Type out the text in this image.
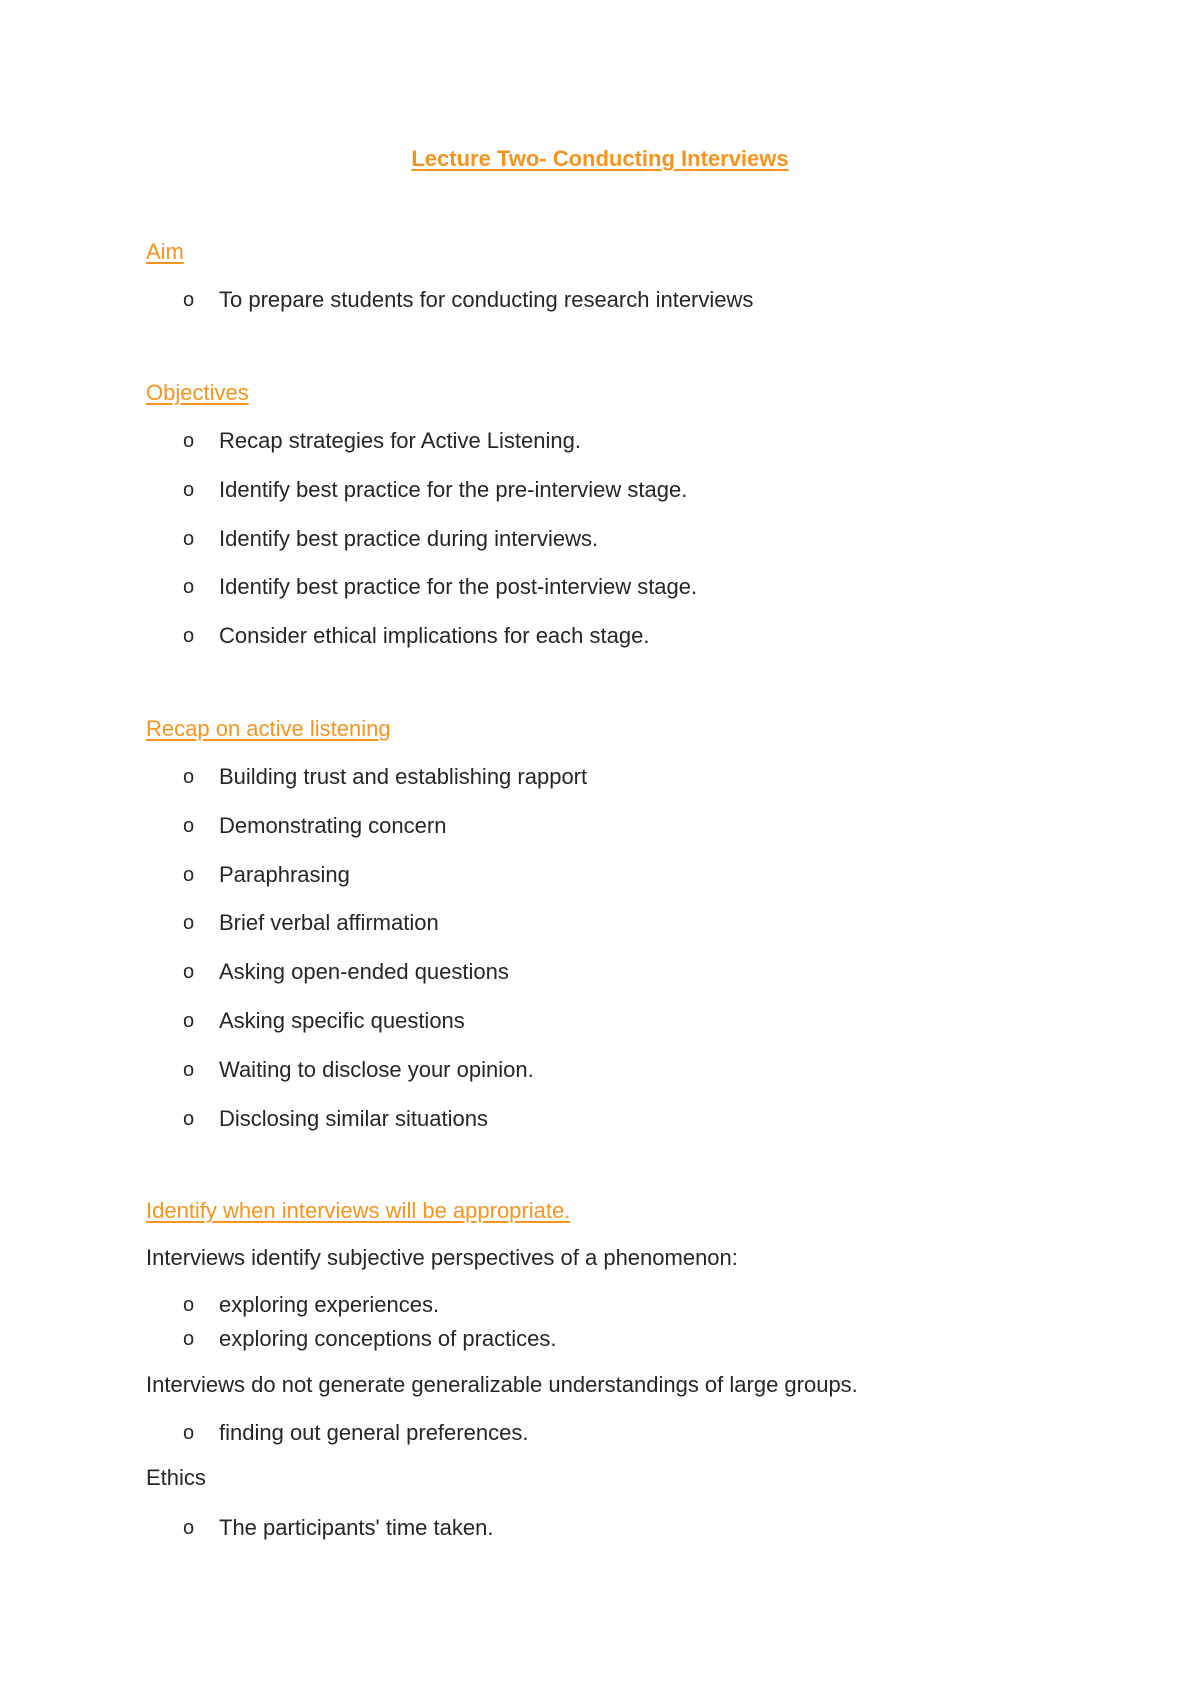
Lecture Two- Conducting Interviews
Aim
o To prepare students for conducting research interviews
Objectives
o Recap strategies for Active Listening.
o Identify best practice for the pre-interview stage.
o Identify best practice during interviews.
o Identify best practice for the post-interview stage.
o Consider ethical implications for each stage.
Recap on active listening
o Building trust and establishing rapport
o Demonstrating concern
o Paraphrasing
o Brief verbal affirmation
o Asking open-ended questions
o Asking specific questions
o Waiting to disclose your opinion.
o Disclosing similar situations
Identify when interviews will be appropriate.
Interviews identify subjective perspectives of a phenomenon:
o exploring experiences.
o exploring conceptions of practices.
Interviews do not generate generalizable understandings of large groups.
o finding out general preferences.
Ethics
o The participants' time taken.
